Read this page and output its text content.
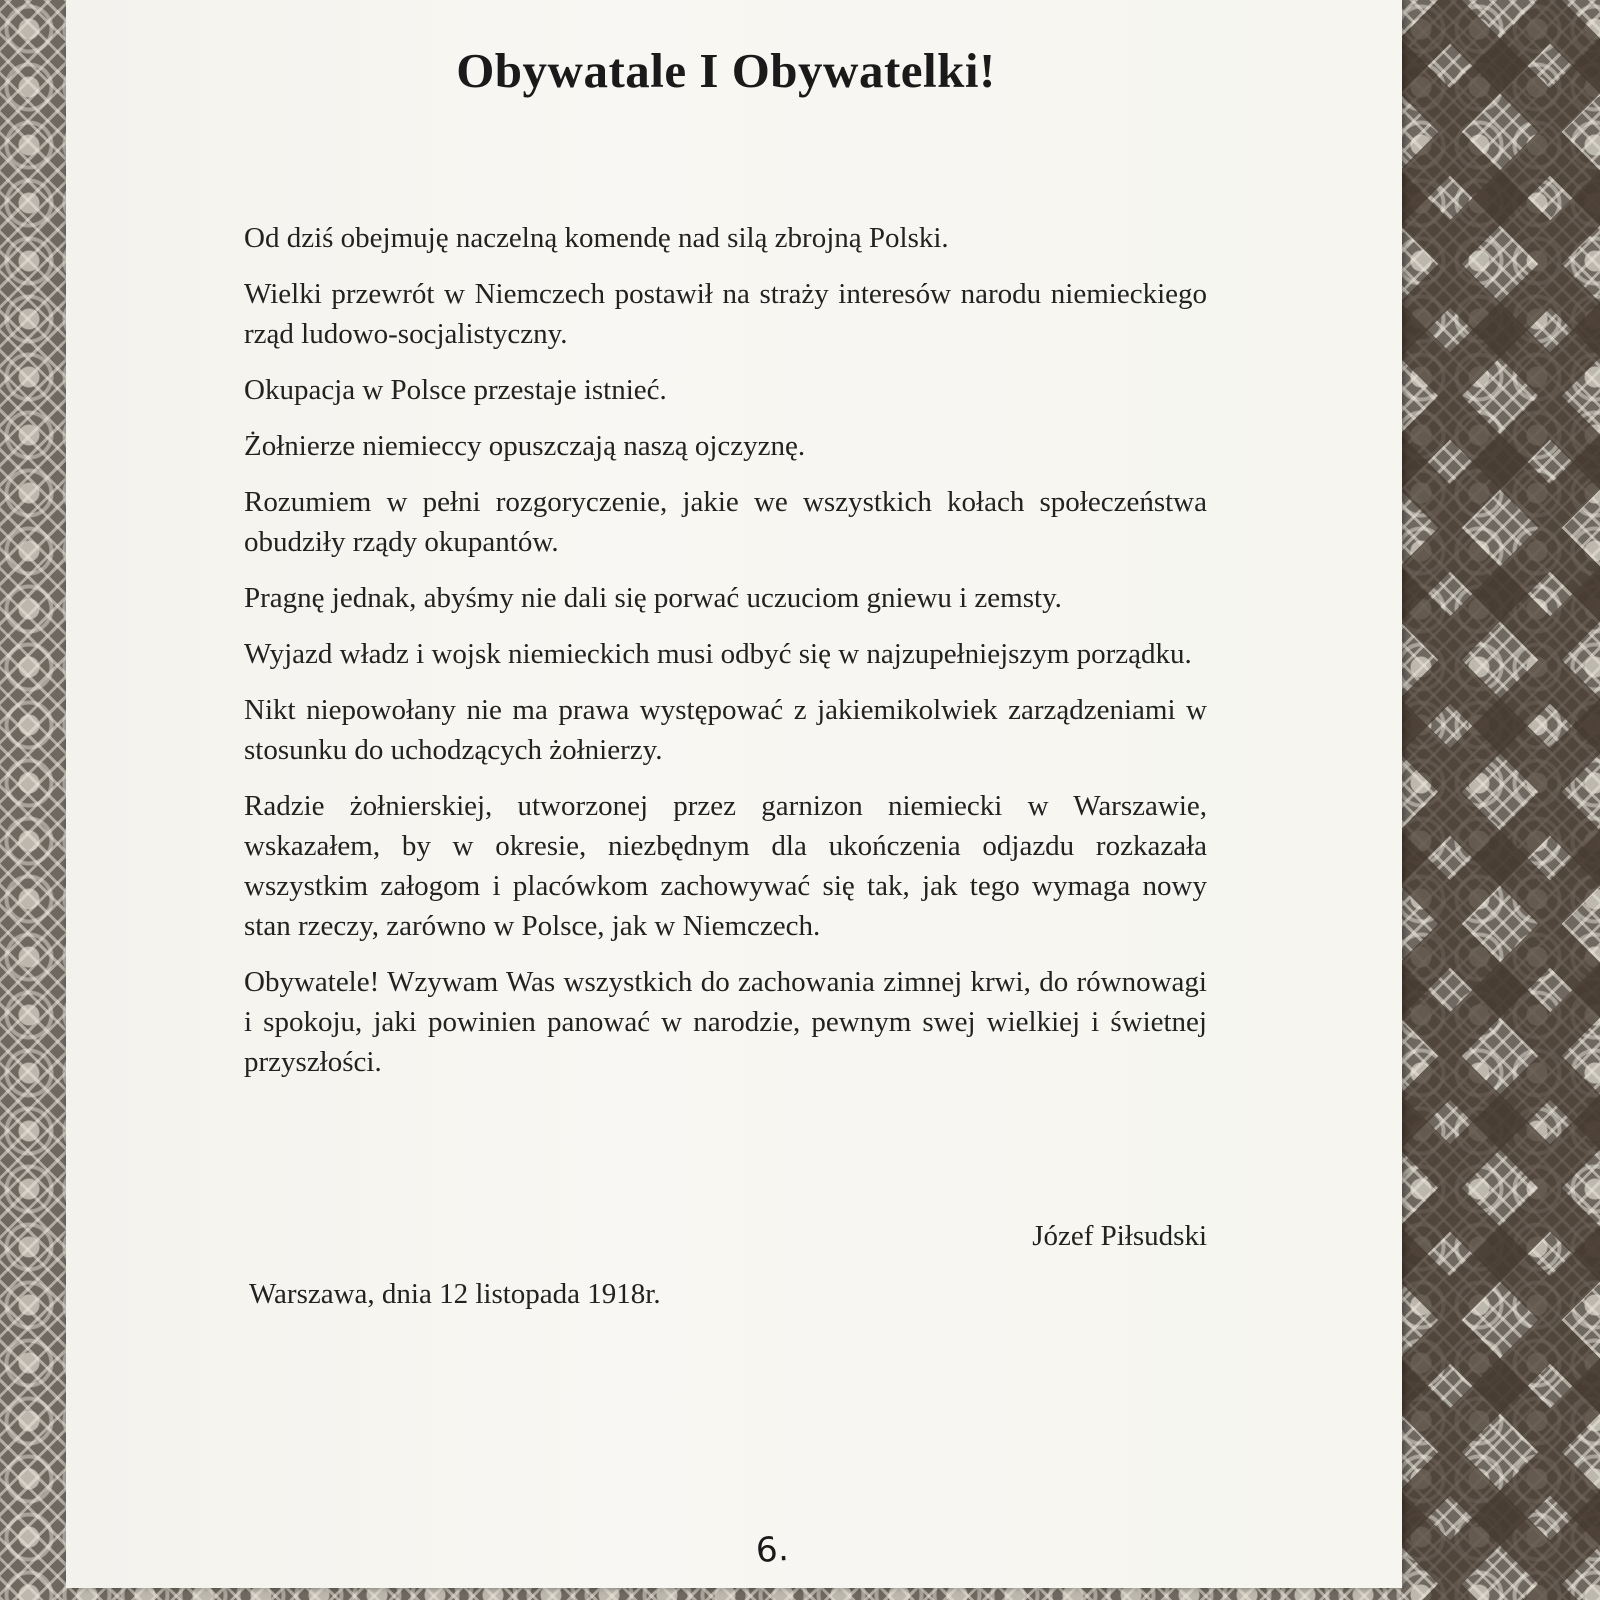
Obywatale I Obywatelki!

Od dziś obejmuję naczelną komendę nad silą zbrojną Polski.

Wielki przewrót w Niemczech postawił na straży interesów narodu niemieckiego rząd ludowo-socjalistyczny.

Okupacja w Polsce przestaje istnieć.

Żołnierze niemieccy opuszczają naszą ojczyznę.

Rozumiem w pełni rozgoryczenie, jakie we wszystkich kołach społeczeństwa obudziły rządy okupantów.

Pragnę jednak, abyśmy nie dali się porwać uczuciom gniewu i zemsty.

Wyjazd władz i wojsk niemieckich musi odbyć się w najzupełniejszym porządku.

Nikt niepowołany nie ma prawa występować z jakiemikolwiek zarządzeniami w stosunku do uchodzących żołnierzy.

Radzie żołnierskiej, utworzonej przez garnizon niemiecki w Warszawie, wskazałem, by w okresie, niezbędnym dla ukończenia odjazdu rozkazała wszystkim załogom i placówkom zachowywać się tak, jak tego wymaga nowy stan rzeczy, zarówno w Polsce, jak w Niemczech.

Obywatele! Wzywam Was wszystkich do zachowania zimnej krwi, do równowagi i spokoju, jaki powinien panować w narodzie, pewnym swej wielkiej i świetnej przyszłości.

Józef Piłsudski
Warszawa, dnia 12 listopada 1918r.
6.
